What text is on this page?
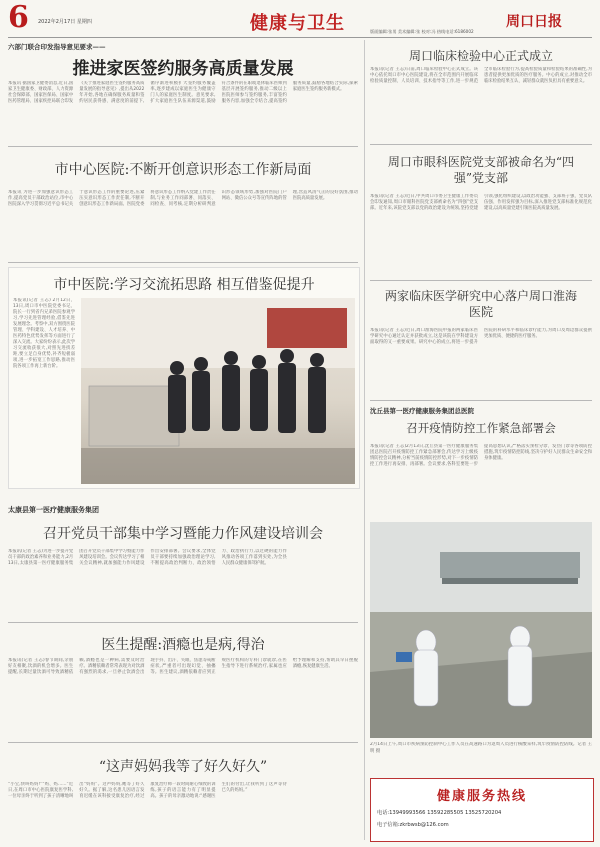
6 2022年2月17日 星期四	健康与卫生	周口日报
版面编辑:张男 美术编辑:张 校对:冯 热线电话:6186002
六部门联合印发指导意见要求——
推进家医签约服务高质量发展
本报讯 据国家卫健委消息,近日,国家卫生健康委、财政部、人力资源社会保障部、国家医保局、国家中医药管理局、国家疾控局联合印发《关于推进家庭医生签约服务高质量发展的指导意见》,提出从2022年开始,各地在确保服务质量和签约居民获得感、满意度的前提下,循序渐进积极扩大签约服务覆盖率,逐步建成以家庭医生为健康守门人的家庭医生制度。意见要求,扩大家庭医生队伍来源渠道,鼓励符合条件的在职或退休临床医师到基层开展签约服务,推动二级以上医院医师参与签约服务,丰富签约服务内容,加强全专结合,提高签约服务质量,鼓励各地结合实际,探索家庭医生签约服务新模式。
市中心医院:不断开创意识形态工作新局面
本报讯 为进一步加强意识形态工作,提高党员干部政治站位,市中心医院深入学习贯彻习近平总书记关于意识形态工作的重要论述,压紧压实意识形态工作责任制,不断开创意识形态工作新局面。医院党委将意识形态工作纳入党建工作责任制,与业务工作同部署、同落实、同检查、同考核,定期分析研判意识形态领域形势,加强对医院门户网站、微信公众号等宣传阵地的管理,营造风清气正的良好氛围,推动医院高质量发展。
市中医院:学习交流拓思路 相互借鉴促提升
本报讯(记者 王志) 2月12日、13日,周口市中医院党委书记、院长一行到省内兄弟医院参观学习,学习先进管理经验,借鉴先进发展理念。考察中,双方围绕医院管理、学科建设、人才培养、中医药特色优势发挥等方面进行了深入交流。大家纷纷表示,此次学习交流收获很大,对照先进找差距,要立足自身优势,补齐短板弱项,进一步拓宽工作思路,推动医院各项工作再上新台阶。
太康县第一医疗健康服务集团
召开党员干部集中学习暨能力作风建设培训会
本报讯(记者 王志)为进一步提升党员干部的政治素养和业务能力,2月13日,太康县第一医疗健康服务集团召开党员干部集中学习暨能力作风建设培训会。会议传达学习了相关会议精神,就加强能力作风建设作出安排部署。会议要求,全体党员干部要持续加强政治理论学习,不断提高政治判断力、政治领悟力、政治执行力,以过硬的能力作风推动各项工作落到实处,为全县人民群众健康保驾护航。
医生提醒:酒瘾也是病,得治
本报讯(记者 王志)春节期间,亲朋好友相聚,饮酒的机会增多。医生提醒,长期过量饮酒可导致酒精依赖,酒瘾也是一种病,需要及时治疗。酒精依赖者常常表现为对饮酒有强烈的渴求,一旦停止饮酒会出现手抖、出汗、失眠、焦虑等戒断症状,严重者可出现幻觉、抽搐等。医生建议,酒精依赖者应到正规医疗机构的专科门诊就诊,在医生指导下进行系统治疗,家属也应给予理解和支持,帮助其早日摆脱酒瘾,恢复健康生活。
“这声妈妈我等了好久好久”
“小宝,快叫妈妈!”“妈、妈……”近日,在周口市中心医院康复医学科,一位母亲终于听到了孩子清晰地叫出“妈妈”。这声妈妈,她等了好久好久。据了解,这名患儿因语言发育迟缓在该科接受康复治疗,经过康复治疗师一段时间耐心细致的训练,孩子的语言能力有了明显提高。孩子的母亲激动地说:“感谢医生们的付出,让我听到了这声等待已久的妈妈。”
周口临床检验中心正式成立
本报讯(记者 王志)日前,周口临床检验中心正式成立。该中心依托周口市中心医院建设,将在全市范围内开展临床检验质量控制、人员培训、技术指导等工作,进一步规范全市临床检验行为,提高检验质量和检验结果的准确性,为患者提供更加优质的医疗服务。中心的成立,对推动全市临床检验结果互认、减轻群众就医负担具有重要意义。
周口市眼科医院党支部被命名为“四强”党支部
本报讯(记者 王志)近日,中共周口市委卫生健康工作委员会印发通知,周口市眼科医院党支部被命名为“四强”党支部。近年来,该院党支部以党的政治建设为统领,坚持党建引领,强化组织建设,以政治功能强、支部班子强、党员队伍强、作用发挥强为目标,深入推进党支部标准化规范化建设,以高质量党建引领医院高质量发展。
两家临床医学研究中心落户周口淮海医院
本报讯(记者 王志)近日,周口淮海医院申报的两家临床医学研究中心通过认定并获批成立,这是该院在学科建设方面取得的又一重要成果。研究中心的成立,将进一步提升医院的科研水平和临床诊疗能力,为周口及周边群众提供更加优质、便捷的医疗服务。
沈丘县第一医疗健康服务集团总医院
召开疫情防控工作紧急部署会
本报讯(记者 王志)2月13日,沈丘县第一医疗健康服务集团总医院召开疫情防控工作紧急部署会,传达学习上级疫情防控会议精神,分析当前疫情防控形势,对下一步疫情防控工作进行再安排、再部署。会议要求,各科室要进一步提高思想认识,严格落实预检分诊、发热门诊等各项防控措施,筑牢疫情防控防线,坚决守护好人民群众生命安全和身体健康。
2月14日上午,周口市疾病预防控制中心工作人员在高速路口为返周人员进行核酸采样,筑牢疫情防控防线。记者 王明 摄
健康服务热线
电话:13949993566 13592285505 13525720204
电子信箱:zkrbwsb@126.com
